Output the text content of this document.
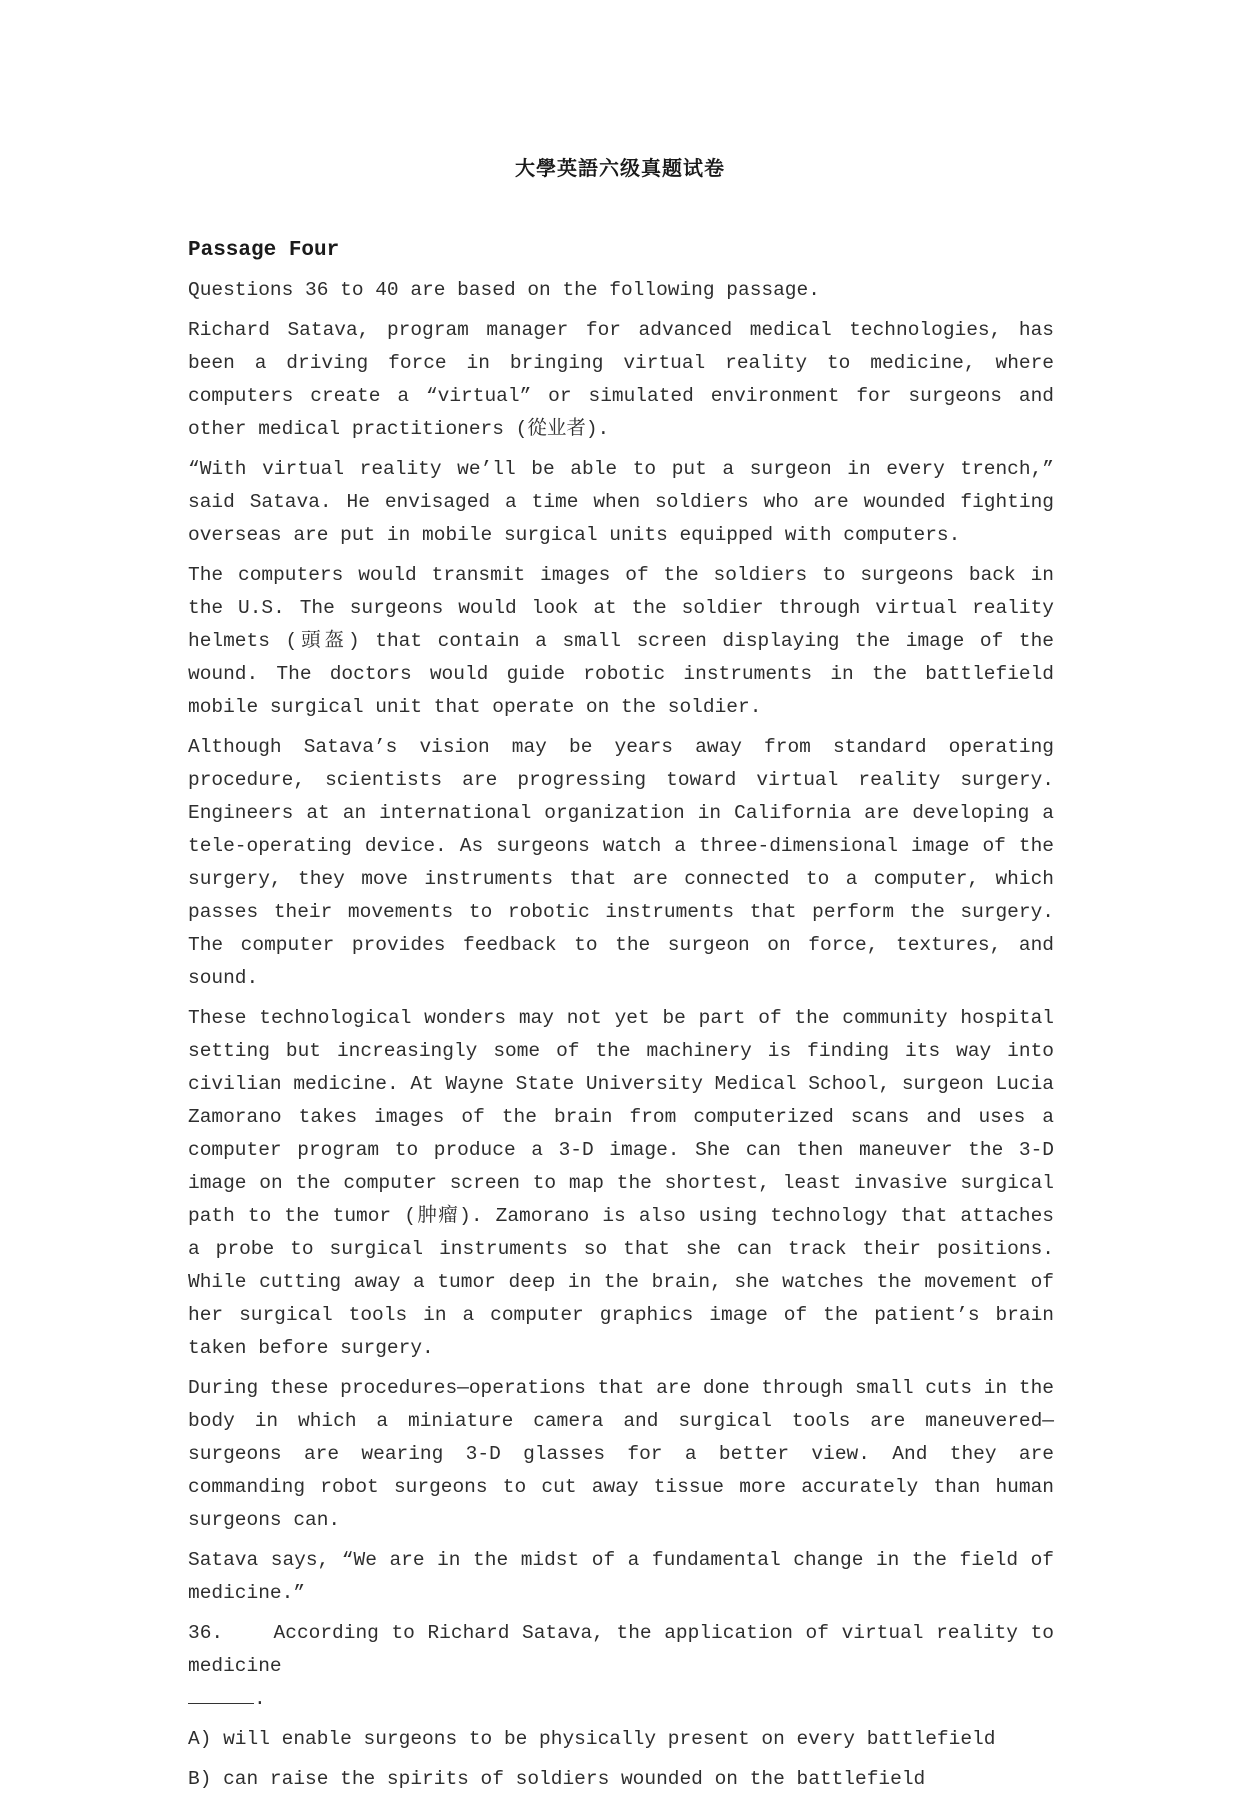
大學英語六级真题试卷
Passage Four

Questions 36 to 40 are based on the following passage.

Richard Satava, program manager for advanced medical technologies, has been a driving force in bringing virtual reality to medicine, where computers create a “virtual” or simulated environment for surgeons and other medical practitioners (從业者).

“With virtual reality we’ll be able to put a surgeon in every trench,” said Satava. He envisaged a time when soldiers who are wounded fighting overseas are put in mobile surgical units equipped with computers.

The computers would transmit images of the soldiers to surgeons back in the U.S. The surgeons would look at the soldier through virtual reality helmets (頭盔) that contain a small screen displaying the image of the wound. The doctors would guide robotic instruments in the battlefield mobile surgical unit that operate on the soldier.

Although Satava’s vision may be years away from standard operating procedure, scientists are progressing toward virtual reality surgery. Engineers at an international organization in California are developing a tele-operating device. As surgeons watch a three-dimensional image of the surgery, they move instruments that are connected to a computer, which passes their movements to robotic instruments that perform the surgery. The computer provides feedback to the surgeon on force, textures, and sound.

These technological wonders may not yet be part of the community hospital setting but increasingly some of the machinery is finding its way into civilian medicine. At Wayne State University Medical School, surgeon Lucia Zamorano takes images of the brain from computerized scans and uses a computer program to produce a 3-D image. She can then maneuver the 3-D image on the computer screen to map the shortest, least invasive surgical path to the tumor (肿瘤). Zamorano is also using technology that attaches a probe to surgical instruments so that she can track their positions. While cutting away a tumor deep in the brain, she watches the movement of her surgical tools in a computer graphics image of the patient’s brain taken before surgery.

During these procedures—operations that are done through small cuts in the body in which a miniature camera and surgical tools are maneuvered—surgeons are wearing 3-D glasses for a better view. And they are commanding robot surgeons to cut away tissue more accurately than human surgeons can.

Satava says, “We are in the midst of a fundamental change in the field of medicine.”

36.	According to Richard Satava, the application of virtual reality to medicine
.
A) will enable surgeons to be physically present on every battlefield
B) can raise the spirits of soldiers wounded on the battlefield
